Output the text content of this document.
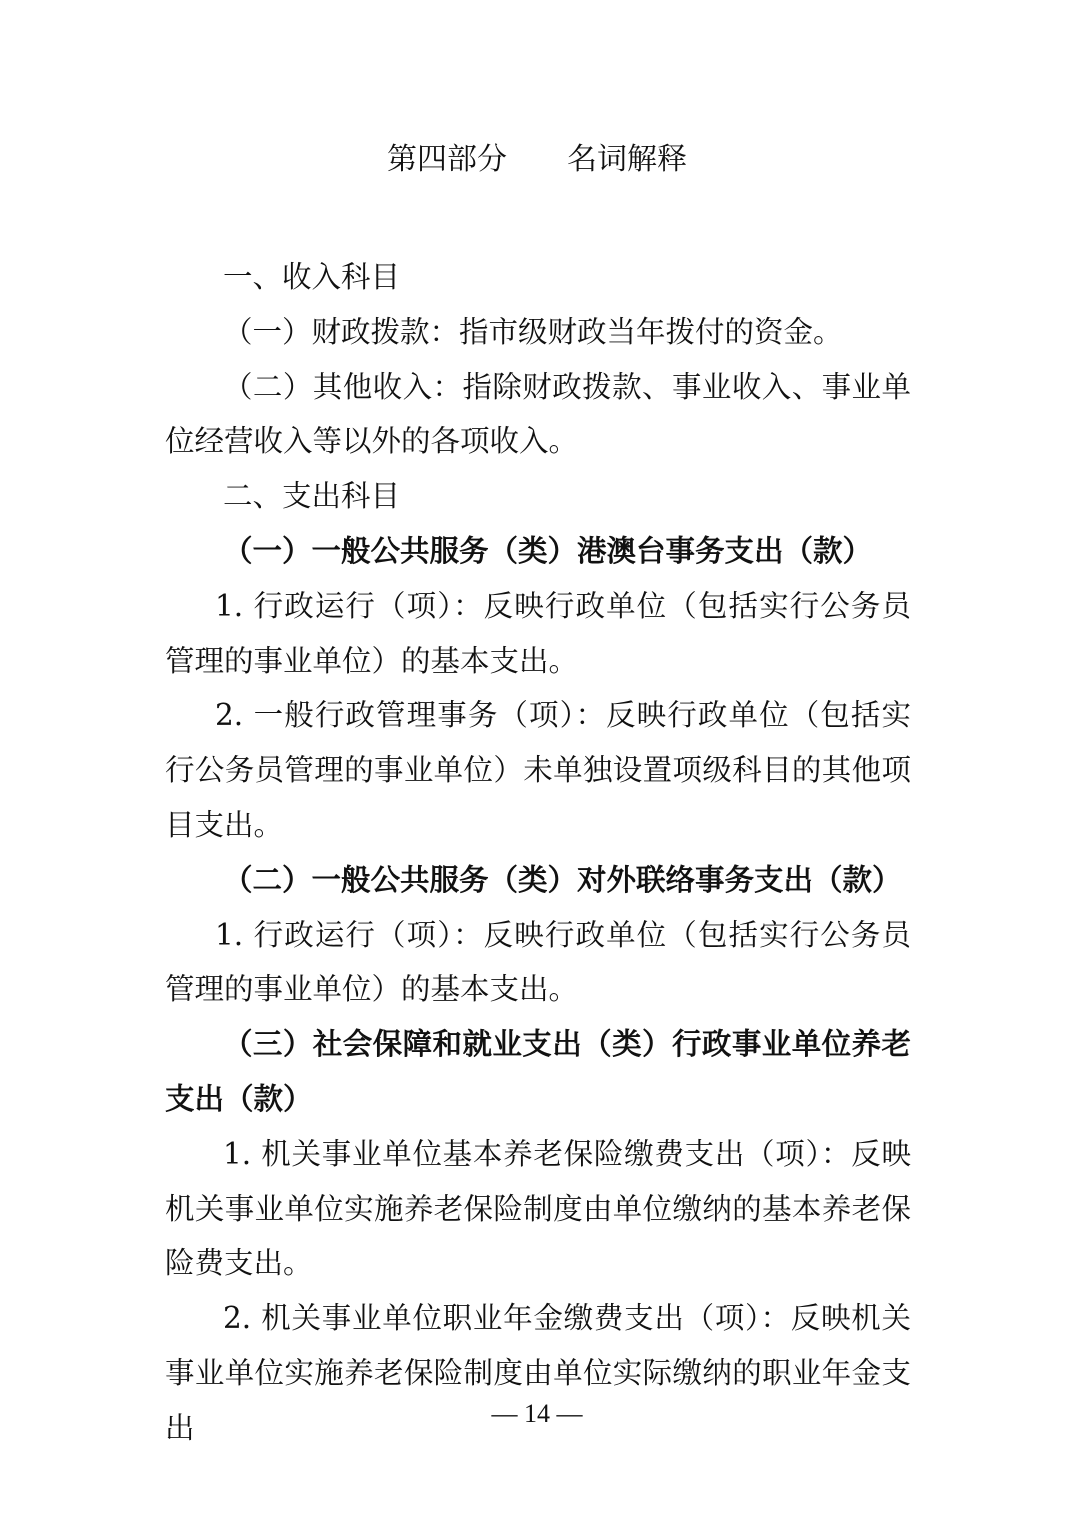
第四部分　　名词解释

一、收入科目

（一）财政拨款：指市级财政当年拨付的资金。

（二）其他收入：指除财政拨款、事业收入、事业单位经营收入等以外的各项收入。

二、支出科目

（一）一般公共服务（类）港澳台事务支出（款）

1. 行政运行（项）：反映行政单位（包括实行公务员管理的事业单位）的基本支出。

2. 一般行政管理事务（项）：反映行政单位（包括实行公务员管理的事业单位）未单独设置项级科目的其他项目支出。

（二）一般公共服务（类）对外联络事务支出（款）

1. 行政运行（项）：反映行政单位（包括实行公务员管理的事业单位）的基本支出。

（三）社会保障和就业支出（类）行政事业单位养老支出（款）

1. 机关事业单位基本养老保险缴费支出（项）：反映机关事业单位实施养老保险制度由单位缴纳的基本养老保险费支出。

2. 机关事业单位职业年金缴费支出（项）：反映机关事业单位实施养老保险制度由单位实际缴纳的职业年金支出	— 14 —
